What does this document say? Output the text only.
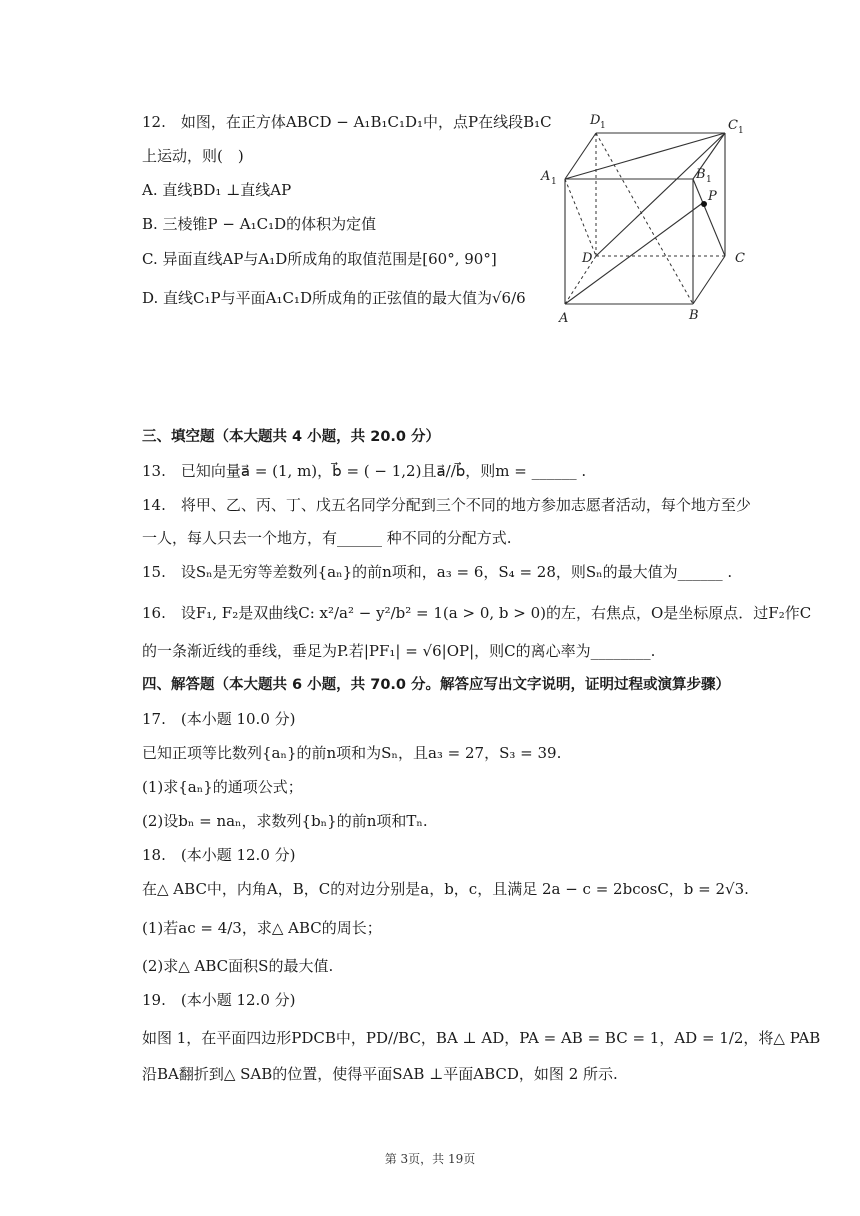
12.　如图，在正方体ABCD − A₁B₁C₁D₁中，点P在线段B₁C
上运动，则(　)
A. 直线BD₁ ⊥直线AP
B. 三棱锥P − A₁C₁D的体积为定值
C. 异面直线AP与A₁D所成角的取值范围是[60°, 90°]
D. 直线C₁P与平面A₁C₁D所成角的正弦值的最大值为√6/6
D 1	C 1
A 1	B 1
P
D	C
A	B
三、填空题（本大题共 4 小题，共 20.0 分）
13.　已知向量a⃗ = (1, m)，b⃗ = ( − 1,2)且a⃗//b⃗，则m = ______ .
14.　将甲、乙、丙、丁、戊五名同学分配到三个不同的地方参加志愿者活动，每个地方至少
一人，每人只去一个地方，有______ 种不同的分配方式.
15.　设Sₙ是无穷等差数列{aₙ}的前n项和，a₃ = 6，S₄ = 28，则Sₙ的最大值为______ .
16.　设F₁, F₂是双曲线C: x²/a² − y²/b² = 1(a > 0, b > 0)的左，右焦点，O是坐标原点．过F₂作C
的一条渐近线的垂线，垂足为P.若|PF₁| = √6|OP|，则C的离心率为________.
四、解答题（本大题共 6 小题，共 70.0 分。解答应写出文字说明，证明过程或演算步骤）
17.　(本小题 10.0 分)
已知正项等比数列{aₙ}的前n项和为Sₙ，且a₃ = 27，S₃ = 39.
(1)求{aₙ}的通项公式；
(2)设bₙ = naₙ，求数列{bₙ}的前n项和Tₙ.
18.　(本小题 12.0 分)
在△ ABC中，内角A，B，C的对边分别是a，b，c，且满足 2a − c = 2bcosC，b = 2√3.
(1)若ac = 4/3，求△ ABC的周长；
(2)求△ ABC面积S的最大值.
19.　(本小题 12.0 分)
如图 1，在平面四边形PDCB中，PD//BC，BA ⊥ AD，PA = AB = BC = 1，AD = 1/2，将△ PAB
沿BA翻折到△ SAB的位置，使得平面SAB ⊥平面ABCD，如图 2 所示.
第 3页，共 19页
